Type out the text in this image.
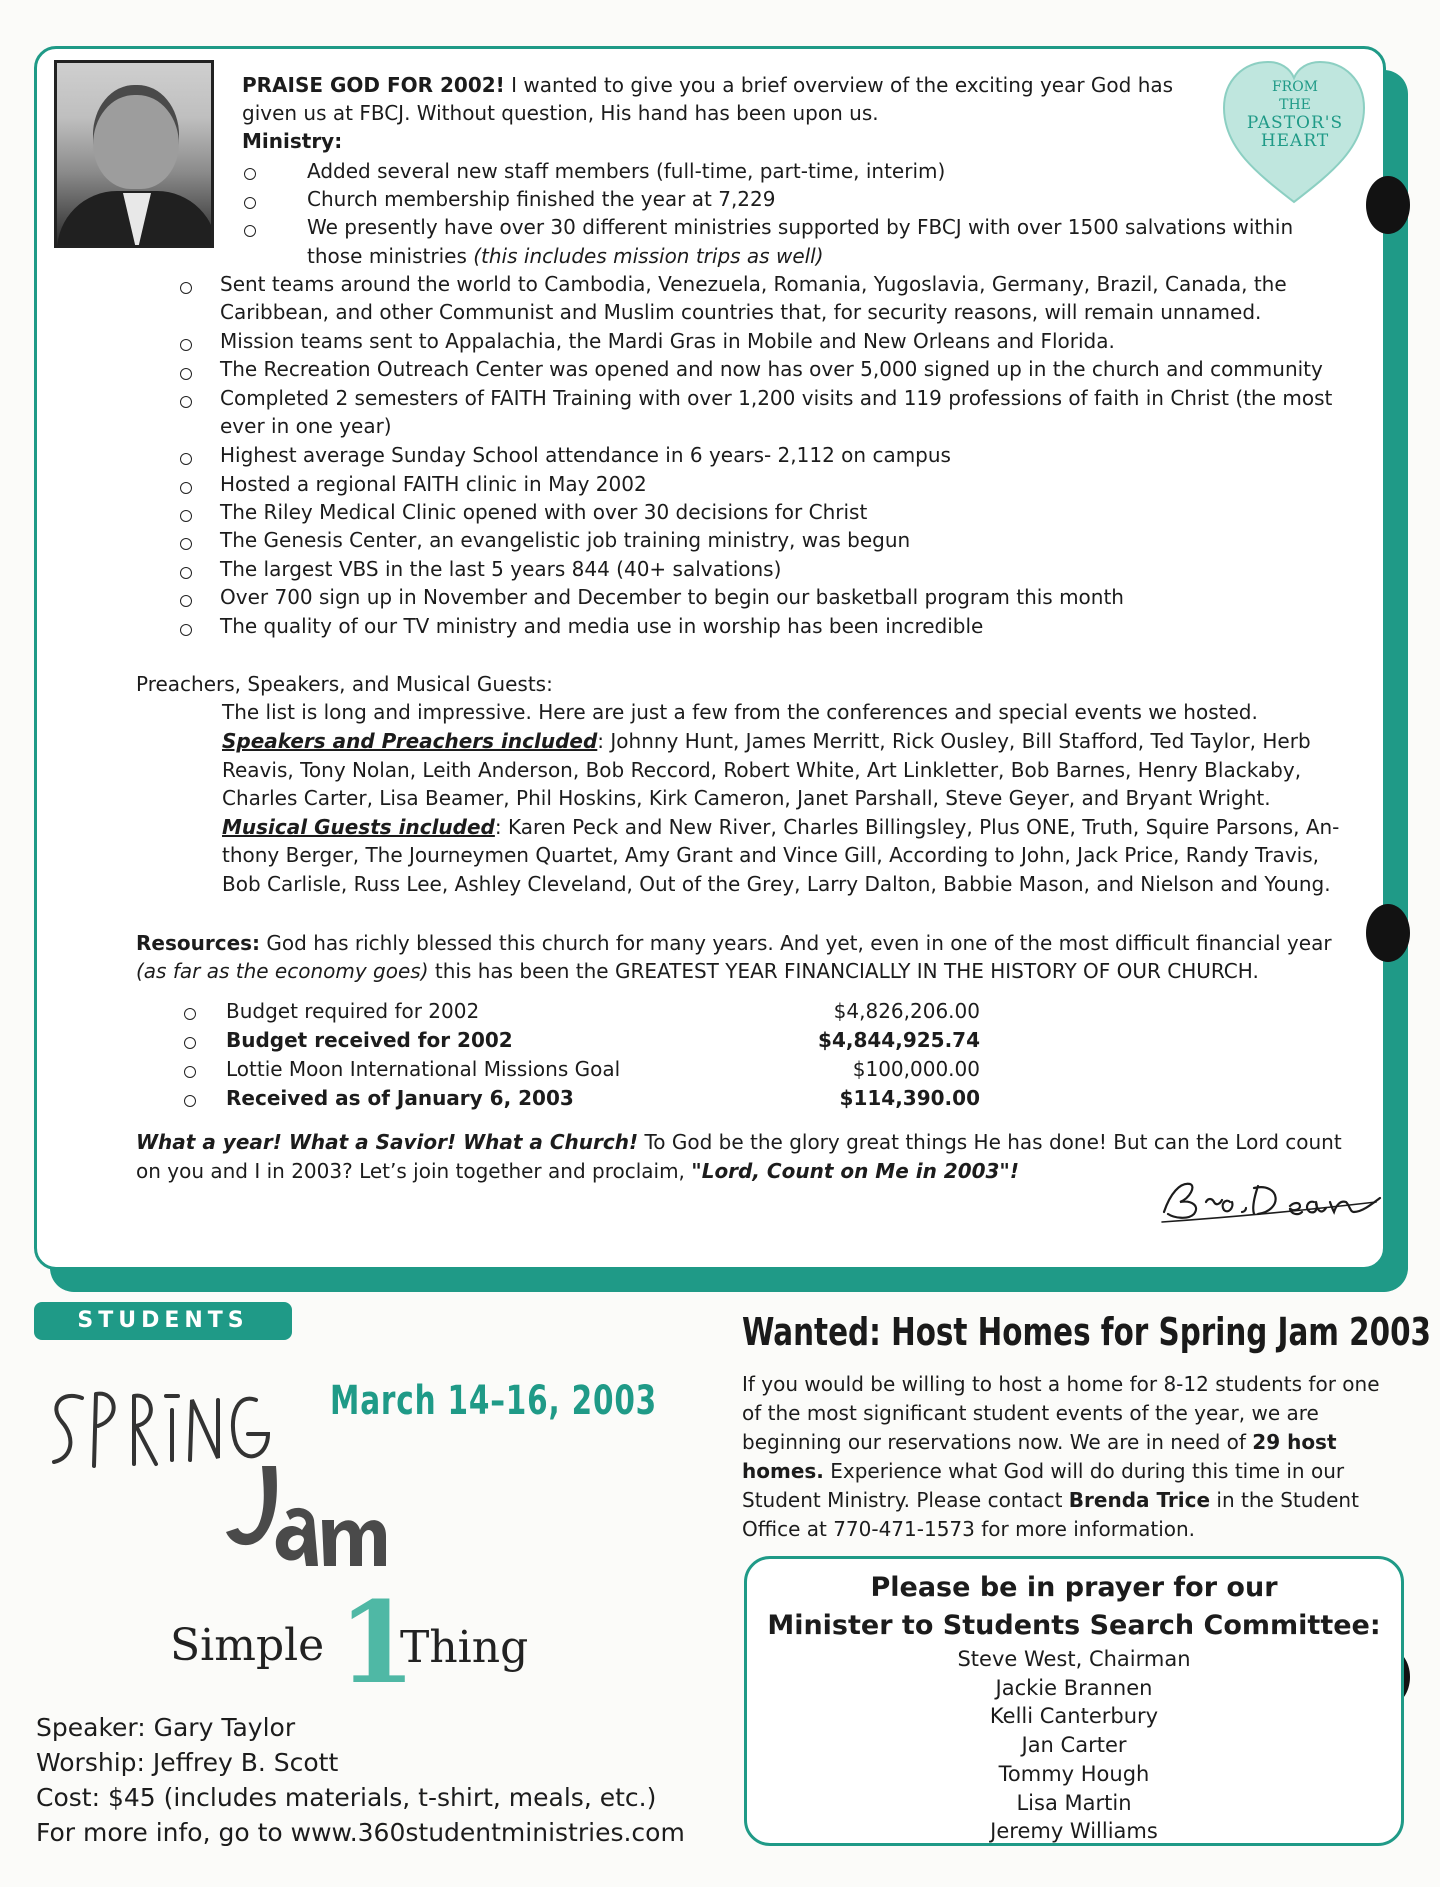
FROM
THE
PASTOR'S
HEART
PRAISE GOD FOR 2002! I wanted to give you a brief overview of the exciting year God has
given us at FBCJ. Without question, His hand has been upon us.
Ministry:
Added several new staff members (full-time, part-time, interim)
Church membership finished the year at 7,229
We presently have over 30 different ministries supported by FBCJ with over 1500 salvations within
those ministries (this includes mission trips as well)
Sent teams around the world to Cambodia, Venezuela, Romania, Yugoslavia, Germany, Brazil, Canada, the
Caribbean, and other Communist and Muslim countries that, for security reasons, will remain unnamed.
Mission teams sent to Appalachia, the Mardi Gras in Mobile and New Orleans and Florida.
The Recreation Outreach Center was opened and now has over 5,000 signed up in the church and community
Completed 2 semesters of FAITH Training with over 1,200 visits and 119 professions of faith in Christ (the most
ever in one year)
Highest average Sunday School attendance in 6 years- 2,112 on campus
Hosted a regional FAITH clinic in May 2002
The Riley Medical Clinic opened with over 30 decisions for Christ
The Genesis Center, an evangelistic job training ministry, was begun
The largest VBS in the last 5 years 844 (40+ salvations)
Over 700 sign up in November and December to begin our basketball program this month
The quality of our TV ministry and media use in worship has been incredible
Preachers, Speakers, and Musical Guests:
The list is long and impressive. Here are just a few from the conferences and special events we hosted.
Speakers and Preachers included: Johnny Hunt, James Merritt, Rick Ousley, Bill Stafford, Ted Taylor, Herb
Reavis, Tony Nolan, Leith Anderson, Bob Reccord, Robert White, Art Linkletter, Bob Barnes, Henry Blackaby,
Charles Carter, Lisa Beamer, Phil Hoskins, Kirk Cameron, Janet Parshall, Steve Geyer, and Bryant Wright.
Musical Guests included: Karen Peck and New River, Charles Billingsley, Plus ONE, Truth, Squire Parsons, An-
thony Berger, The Journeymen Quartet, Amy Grant and Vince Gill, According to John, Jack Price, Randy Travis,
Bob Carlisle, Russ Lee, Ashley Cleveland, Out of the Grey, Larry Dalton, Babbie Mason, and Nielson and Young.
Resources: God has richly blessed this church for many years. And yet, even in one of the most difficult financial year
(as far as the economy goes) this has been the GREATEST YEAR FINANCIALLY IN THE HISTORY OF OUR CHURCH.
Budget required for 2002	$4,826,206.00
Budget received for 2002	$4,844,925.74
Lottie Moon International Missions Goal	$100,000.00
Received as of January 6, 2003	$114,390.00
What a year! What a Savior! What a Church! To God be the glory great things He has done! But can the Lord count
on you and I in 2003? Let’s join together and proclaim, "Lord, Count on Me in 2003"!
STUDENTS
March 14–16, 2003
Simple 1
Thing
Speaker: Gary Taylor
Worship: Jeffrey B. Scott
Cost: $45 (includes materials, t-shirt, meals, etc.)
For more info, go to www.360studentministries.com
Wanted: Host Homes for Spring Jam 2003
If you would be willing to host a home for 8-12 students for one of the most significant student events of the year, we are beginning our reservations now. We are in need of 29 host homes. Experience what God will do during this time in our Student Ministry. Please contact Brenda Trice in the Student Office at 770-471-1573 for more information.
Please be in prayer for our
Minister to Students Search Committee:
Steve West, Chairman
Jackie Brannen
Kelli Canterbury
Jan Carter
Tommy Hough
Lisa Martin
Jeremy Williams
